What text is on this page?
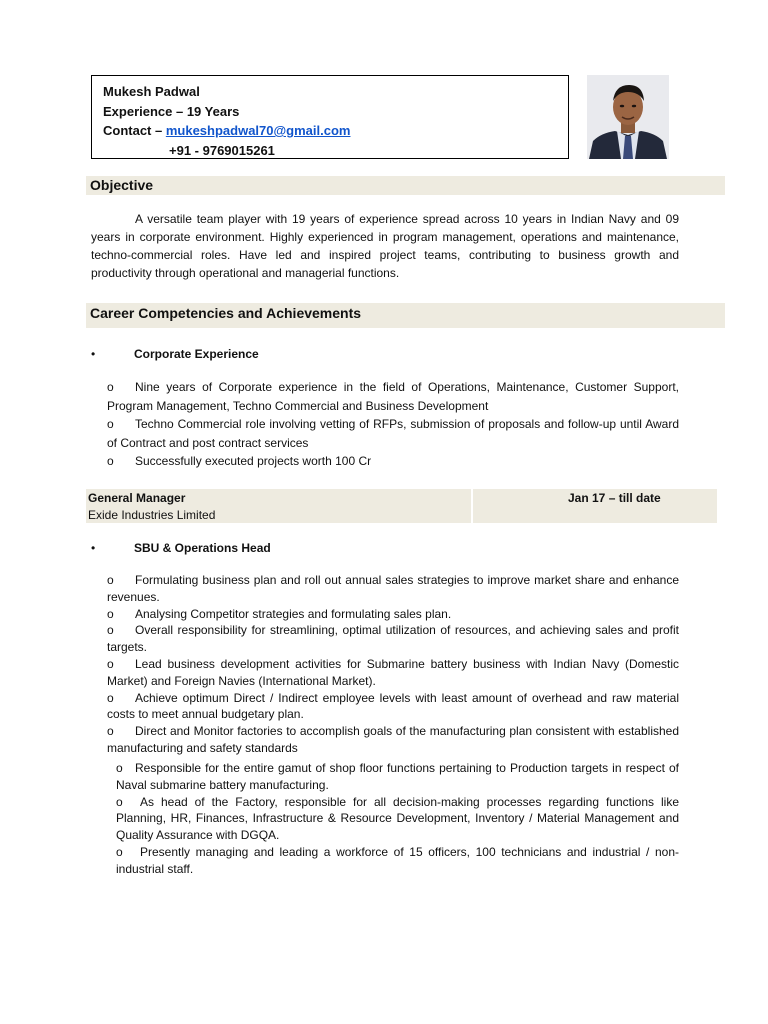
Mukesh Padwal
Experience – 19 Years
Contact – mukeshpadwal70@gmail.com
+91 - 9769015261
Objective

A versatile team player with 19 years of experience spread across 10 years in Indian Navy and 09 years in corporate environment. Highly experienced in program management, operations and maintenance, techno-commercial roles. Have led and inspired project teams, contributing to business growth and productivity through operational and managerial functions.

Career Competencies and Achievements
•	Corporate Experience
o Nine years of Corporate experience in the field of Operations, Maintenance, Customer Support, Program Management, Techno Commercial and Business Development
o Techno Commercial role involving vetting of RFPs, submission of proposals and follow-up until Award of Contract and post contract services
o Successfully executed projects worth 100 Cr
General Manager
Exide Industries Limited
Jan 17 – till date
•	SBU & Operations Head
o Formulating business plan and roll out annual sales strategies to improve market share and enhance revenues.
o Analysing Competitor strategies and formulating sales plan.
o Overall responsibility for streamlining, optimal utilization of resources, and achieving sales and profit targets.
o Lead business development activities for Submarine battery business with Indian Navy (Domestic Market) and Foreign Navies (International Market).
o Achieve optimum Direct / Indirect employee levels with least amount of overhead and raw material costs to meet annual budgetary plan.
o Direct and Monitor factories to accomplish goals of the manufacturing plan consistent with established manufacturing and safety standards
o Responsible for the entire gamut of shop floor functions pertaining to Production targets in respect of Naval submarine battery manufacturing.
o As head of the Factory, responsible for all decision-making processes regarding functions like Planning, HR, Finances, Infrastructure & Resource Development, Inventory / Material Management and Quality Assurance with DGQA.
o Presently managing and leading a workforce of 15 officers, 100 technicians and industrial / non-industrial staff.
